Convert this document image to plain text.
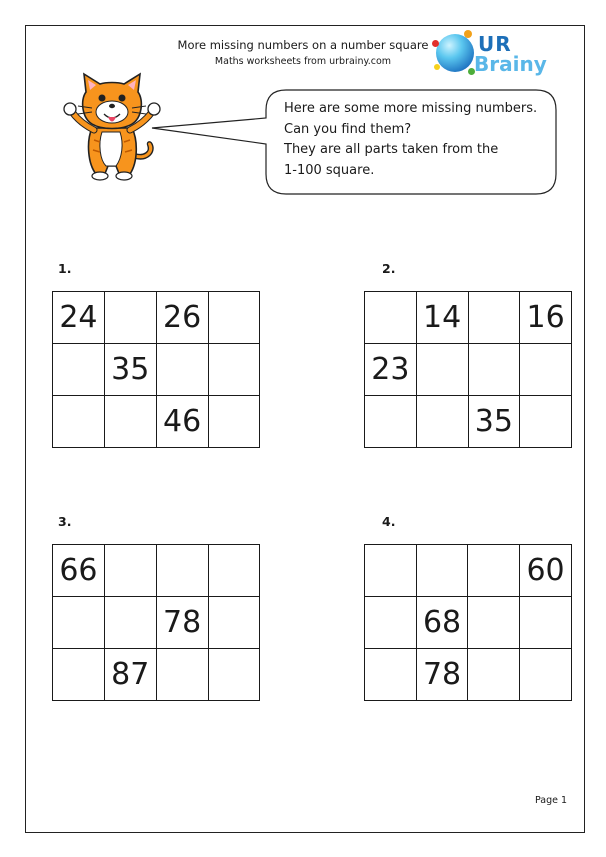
More missing numbers on a number square
Maths worksheets from urbrainy.com
UR
Brainy
Here are some more missing numbers.
Can you find them?
They are all parts taken from the
1-100 square.
1.	2.
3.	4.
24		26	
	35		
		46	
	14		16
23			
		35	
66			
		78	
	87		
			60
	68		
	78		
Page 1
